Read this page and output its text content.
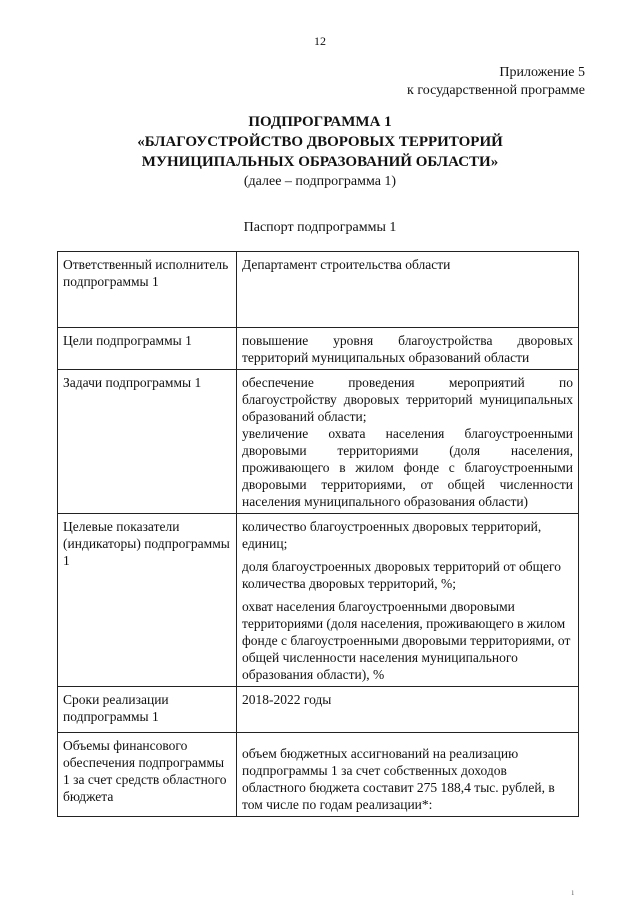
12
Приложение 5
к государственной программе
ПОДПРОГРАММА 1
«БЛАГОУСТРОЙСТВО ДВОРОВЫХ ТЕРРИТОРИЙ
МУНИЦИПАЛЬНЫХ ОБРАЗОВАНИЙ ОБЛАСТИ»
(далее – подпрограмма 1)
Паспорт подпрограммы 1
Ответственный исполнитель подпрограммы 1	Департамент строительства области
Цели подпрограммы 1	повышение уровня благоустройства дворовых территорий муниципальных образований области

Задачи подпрограммы 1	обеспечение проведения мероприятий по благоустройству дворовых территорий муниципальных образований области;
увеличение охвата населения благоустроенными дворовыми территориями (доля населения, проживающего в жилом фонде с благоустроенными дворовыми территориями, от общей численности населения муниципального образования области)

Целевые показатели (индикаторы) подпрограммы 1	количество благоустроенных дворовых территорий, единиц;

доля благоустроенных дворовых территорий от общего количества дворовых территорий, %;

охват населения благоустроенными дворовыми территориями (доля населения, проживающего в жилом фонде с благоустроенными дворовыми территориями, от общей численности населения муниципального образования области), %

Сроки реализации подпрограммы 1	2018-2022 годы
Объемы финансового обеспечения подпрограммы 1 за счет средств областного бюджета	объем бюджетных ассигнований на реализацию подпрограммы 1 за счет собственных доходов областного бюджета составит 275 188,4 тыс. рублей, в том числе по годам реализации*:
ı
